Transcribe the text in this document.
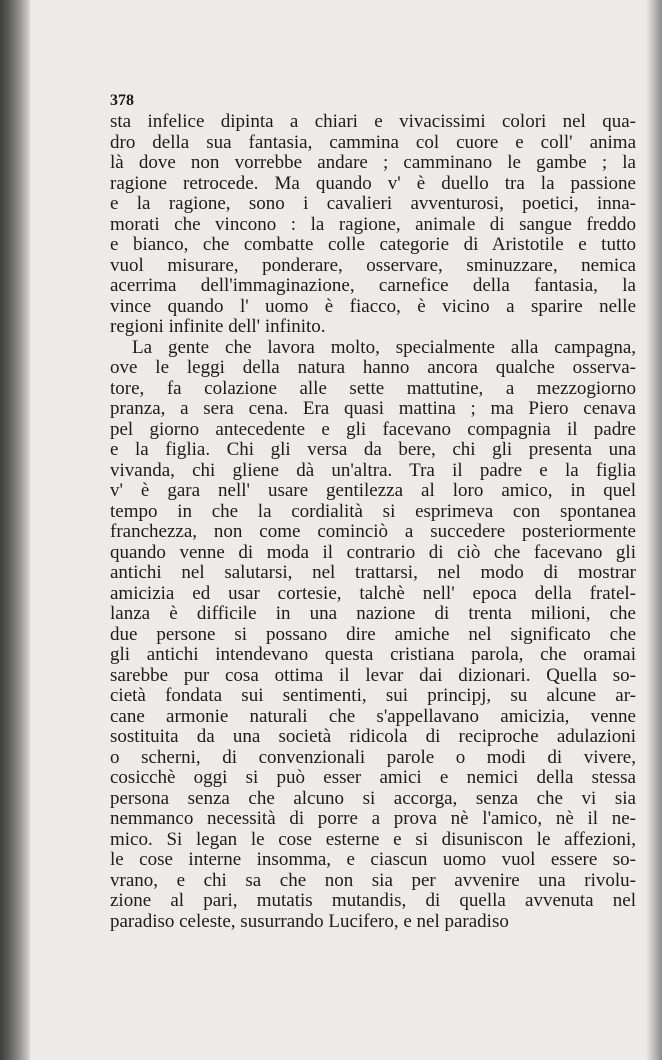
378
sta infelice dipinta a chiari e vivacissimi colori nel qua-
dro della sua fantasia, cammina col cuore e coll' anima
là dove non vorrebbe andare ; camminano le gambe ; la
ragione retrocede. Ma quando v' è duello tra la passione
e la ragione, sono i cavalieri avventurosi, poetici, inna-
morati che vincono : la ragione, animale di sangue freddo
e bianco, che combatte colle categorie di Aristotile e tutto
vuol misurare, ponderare, osservare, sminuzzare, nemica
acerrima dell'immaginazione, carnefice della fantasia, la
vince quando l' uomo è fiacco, è vicino a sparire nelle
regioni infinite dell' infinito.
La gente che lavora molto, specialmente alla campagna,
ove le leggi della natura hanno ancora qualche osserva-
tore, fa colazione alle sette mattutine, a mezzogiorno
pranza, a sera cena. Era quasi mattina ; ma Piero cenava
pel giorno antecedente e gli facevano compagnia il padre
e la figlia. Chi gli versa da bere, chi gli presenta una
vivanda, chi gliene dà un'altra. Tra il padre e la figlia
v' è gara nell' usare gentilezza al loro amico, in quel
tempo in che la cordialità si esprimeva con spontanea
franchezza, non come cominciò a succedere posteriormente
quando venne di moda il contrario di ciò che facevano gli
antichi nel salutarsi, nel trattarsi, nel modo di mostrar
amicizia ed usar cortesie, talchè nell' epoca della fratel-
lanza è difficile in una nazione di trenta milioni, che
due persone si possano dire amiche nel significato che
gli antichi intendevano questa cristiana parola, che oramai
sarebbe pur cosa ottima il levar dai dizionari. Quella so-
cietà fondata sui sentimenti, sui principj, su alcune ar-
cane armonie naturali che s'appellavano amicizia, venne
sostituita da una società ridicola di reciproche adulazioni
o scherni, di convenzionali parole o modi di vivere,
cosicchè oggi si può esser amici e nemici della stessa
persona senza che alcuno si accorga, senza che vi sia
nemmanco necessità di porre a prova nè l'amico, nè il ne-
mico. Si legan le cose esterne e si disuniscon le affezioni,
le cose interne insomma, e ciascun uomo vuol essere so-
vrano, e chi sa che non sia per avvenire una rivolu-
zione al pari, mutatis mutandis, di quella avvenuta nel
paradiso celeste, susurrando Lucifero, e nel paradiso
